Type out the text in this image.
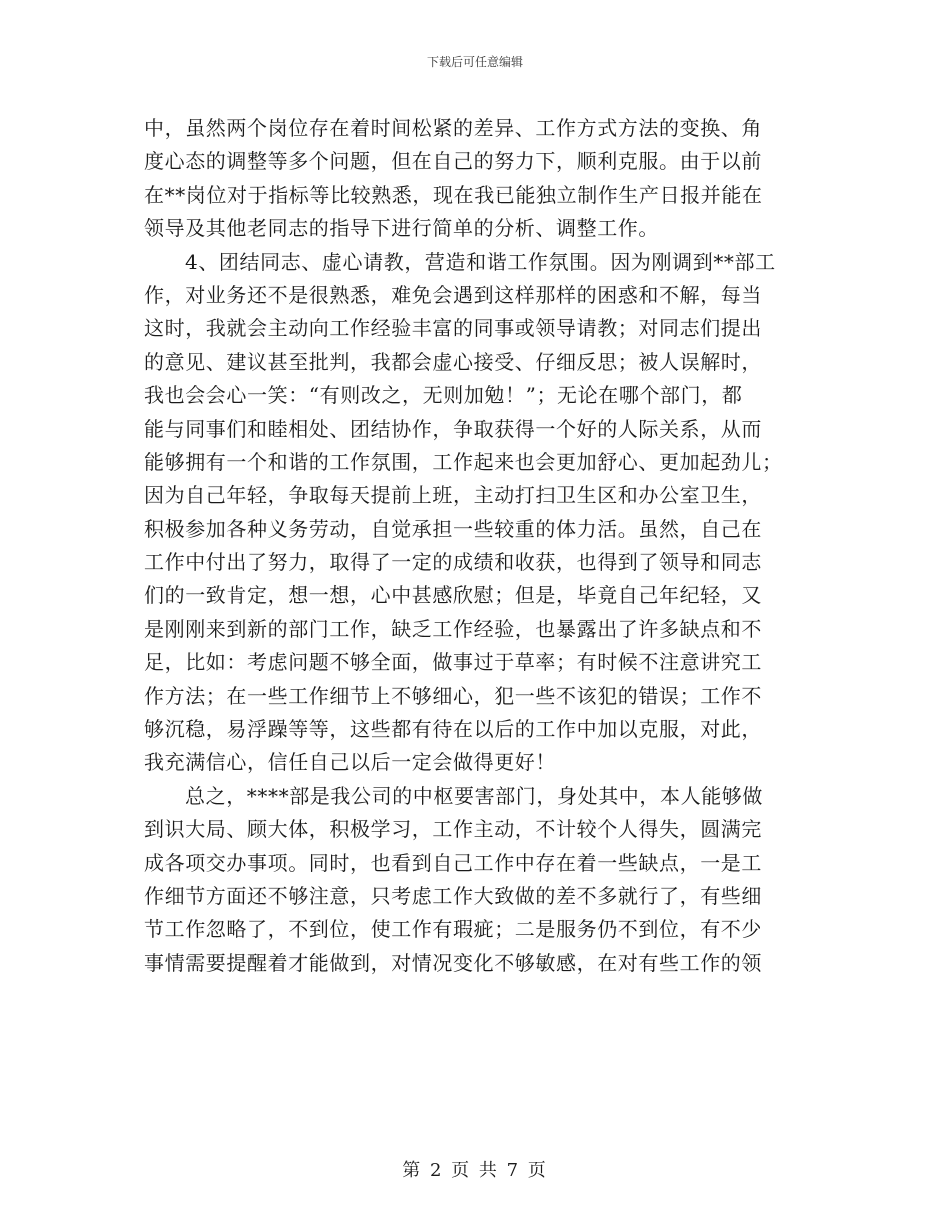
下载后可任意编辑
中，虽然两个岗位存在着时间松紧的差异、工作方式方法的变换、角
度心态的调整等多个问题，但在自己的努力下，顺利克服。由于以前
在**岗位对于指标等比较熟悉，现在我已能独立制作生产日报并能在
领导及其他老同志的指导下进行简单的分析、调整工作。
4、团结同志、虚心请教，营造和谐工作氛围。因为刚调到**部工
作，对业务还不是很熟悉，难免会遇到这样那样的困惑和不解，每当
这时，我就会主动向工作经验丰富的同事或领导请教；对同志们提出
的意见、建议甚至批判，我都会虚心接受、仔细反思；被人误解时，
我也会会心一笑：“有则改之，无则加勉！”；无论在哪个部门，都
能与同事们和睦相处、团结协作，争取获得一个好的人际关系，从而
能够拥有一个和谐的工作氛围，工作起来也会更加舒心、更加起劲儿；
因为自己年轻，争取每天提前上班，主动打扫卫生区和办公室卫生，
积极参加各种义务劳动，自觉承担一些较重的体力活。虽然，自己在
工作中付出了努力，取得了一定的成绩和收获，也得到了领导和同志
们的一致肯定，想一想，心中甚感欣慰；但是，毕竟自己年纪轻，又
是刚刚来到新的部门工作，缺乏工作经验，也暴露出了许多缺点和不
足，比如：考虑问题不够全面，做事过于草率；有时候不注意讲究工
作方法；在一些工作细节上不够细心，犯一些不该犯的错误；工作不
够沉稳，易浮躁等等，这些都有待在以后的工作中加以克服，对此，
我充满信心，信任自己以后一定会做得更好！
总之，****部是我公司的中枢要害部门，身处其中，本人能够做
到识大局、顾大体，积极学习，工作主动，不计较个人得失，圆满完
成各项交办事项。同时，也看到自己工作中存在着一些缺点，一是工
作细节方面还不够注意，只考虑工作大致做的差不多就行了，有些细
节工作忽略了，不到位，使工作有瑕疵；二是服务仍不到位，有不少
事情需要提醒着才能做到，对情况变化不够敏感，在对有些工作的领
第 2 页 共 7 页
